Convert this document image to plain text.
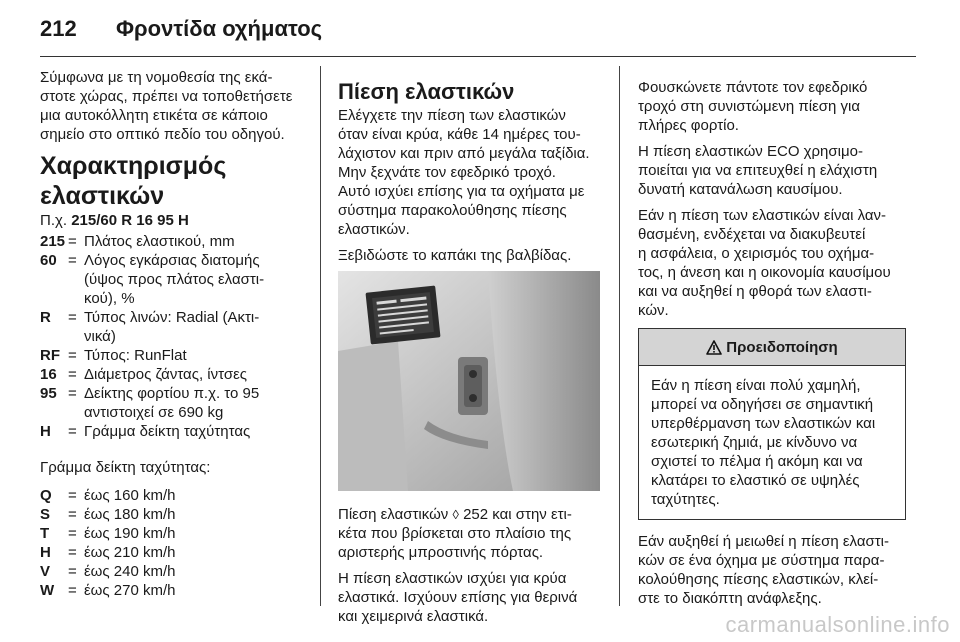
212 Φροντίδα οχήματος

Σύμφωνα με τη νομοθεσία της εκά-

στοτε χώρας, πρέπει να τοποθετήσετε

μια αυτοκόλλητη ετικέτα σε κάποιο

σημείο στο οπτικό πεδίο του οδηγού.

Χαρακτηρισμός ελαστικών

Π.χ. 215/60 R 16 95 H

215 = Πλάτος ελαστικού, mm
60 = Λόγος εγκάρσιας διατομής

(ύψος προς πλάτος ελαστι-

κού), %

R	= Τύπος λινών: Radial (Ακτι-

νικά)

RF = Τύπος: RunFlat
16 = Διάμετρος ζάντας, ίντσες
95 = Δείκτης φορτίου π.χ. το 95

αντιστοιχεί σε 690 kg

H	= Γράμμα δείκτη ταχύτητας

Γράμμα δείκτη ταχύτητας:

Q	= έως 160 km/h
S	= έως 180 km/h
T	= έως 190 km/h
H	= έως 210 km/h
V	= έως 240 km/h
W = έως 270 km/h

Πίεση ελαστικών

Ελέγχετε την πίεση των ελαστικών

όταν είναι κρύα, κάθε 14 ημέρες του-

λάχιστον και πριν από μεγάλα ταξίδια.

Μην ξεχνάτε τον εφεδρικό τροχό.

Αυτό ισχύει επίσης για τα οχήματα με

σύστημα παρακολούθησης πίεσης

ελαστικών.

Ξεβιδώστε το καπάκι της βαλβίδας.

Πίεση ελαστικών ◊ 252 και στην ετι-

κέτα που βρίσκεται στο πλαίσιο της

αριστερής μπροστινής πόρτας.

Η πίεση ελαστικών ισχύει για κρύα

ελαστικά. Ισχύουν επίσης για θερινά

και χειμερινά ελαστικά.

Φουσκώνετε πάντοτε τον εφεδρικό

τροχό στη συνιστώμενη πίεση για

πλήρες φορτίο.

Η πίεση ελαστικών ECO χρησιμο-

ποιείται για να επιτευχθεί η ελάχιστη

δυνατή κατανάλωση καυσίμου.

Εάν η πίεση των ελαστικών είναι λαν-

θασμένη, ενδέχεται να διακυβευτεί

η ασφάλεια, ο χειρισμός του οχήμα-

τος, η άνεση και η οικονομία καυσίμου

και να αυξηθεί η φθορά των ελαστι-

κών.

Προειδοποίηση

Εάν η πίεση είναι πολύ χαμηλή,

μπορεί να οδηγήσει σε σημαντική

υπερθέρμανση των ελαστικών και

εσωτερική ζημιά, με κίνδυνο να

σχιστεί το πέλμα ή ακόμη και να

κλατάρει το ελαστικό σε υψηλές

ταχύτητες.

Εάν αυξηθεί ή μειωθεί η πίεση ελαστι-

κών σε ένα όχημα με σύστημα παρα-

κολούθησης πίεσης ελαστικών, κλεί-

στε το διακόπτη ανάφλεξης.

carmanualsonline.info
